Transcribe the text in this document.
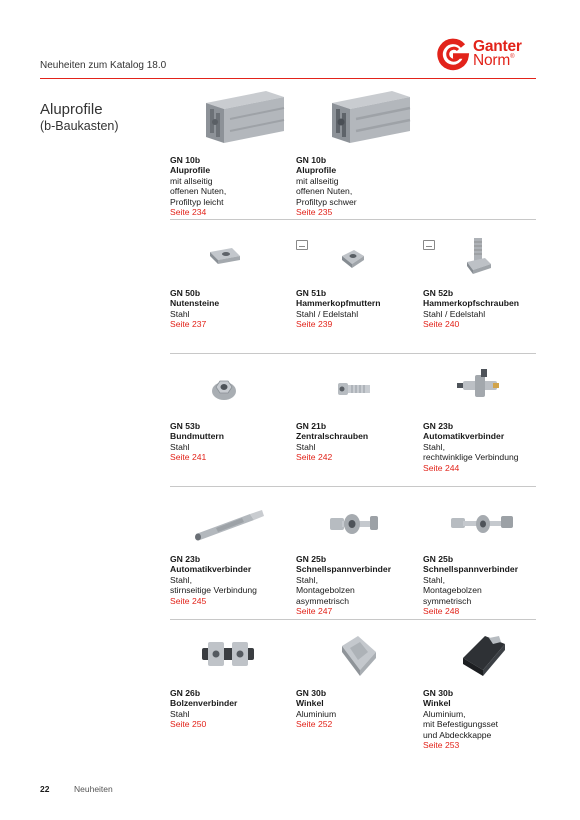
Neuheiten zum Katalog 18.0
Ganter
Norm®
Aluprofile
(b-Baukasten)
GN 10b
Aluprofile
mit allseitig
offenen Nuten,
Profiltyp leicht
Seite 234
GN 10b
Aluprofile
mit allseitig
offenen Nuten,
Profiltyp schwer
Seite 235
GN 50b
Nutensteine
Stahl
Seite 237
GN 51b
Hammerkopfmuttern
Stahl / Edelstahl
Seite 239
GN 52b
Hammerkopfschrauben
Stahl / Edelstahl
Seite 240
GN 53b
Bundmuttern
Stahl
Seite 241
GN 21b
Zentralschrauben
Stahl
Seite 242
GN 23b
Automatikverbinder
Stahl,
rechtwinklige Verbindung
Seite 244
GN 23b
Automatikverbinder
Stahl,
stirnseitige Verbindung
Seite 245
GN 25b
Schnellspannverbinder
Stahl,
Montagebolzen
asymmetrisch
Seite 247
GN 25b
Schnellspannverbinder
Stahl,
Montagebolzen
symmetrisch
Seite 248
GN 26b
Bolzenverbinder
Stahl
Seite 250
GN 30b
Winkel
Aluminium
Seite 252
GN 30b
Winkel
Aluminium,
mit Befestigungsset
und Abdeckkappe
Seite 253
22	Neuheiten
